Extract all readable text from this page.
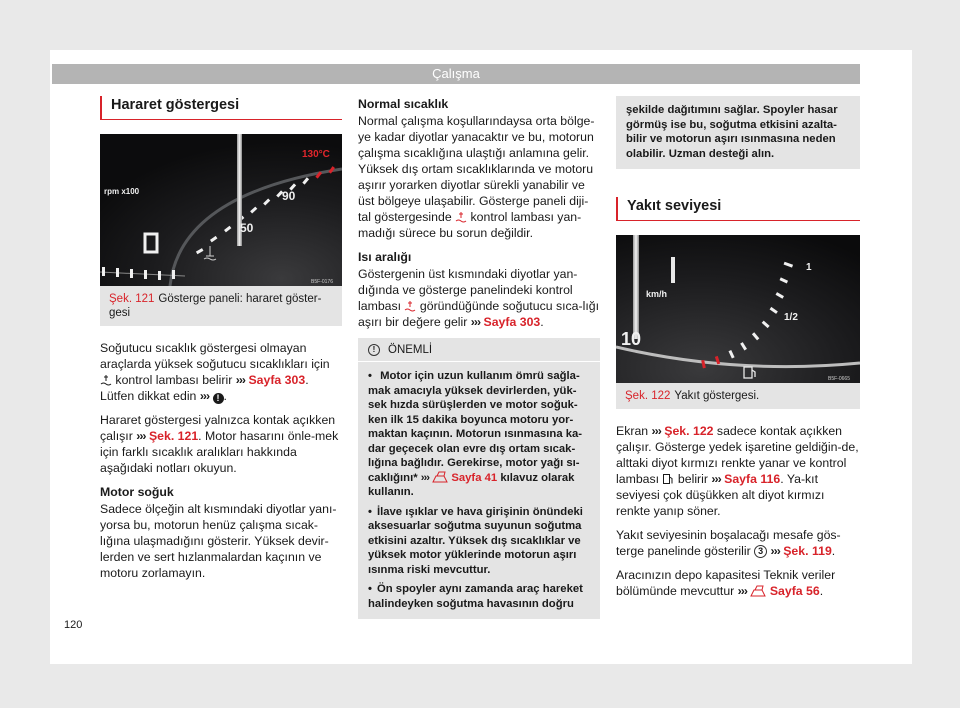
Çalışma
Hararet göstergesi
130°C
rpm x100	90
50
B5F-0176
Şek. 121 Gösterge paneli: hararet göster-gesi

Soğutucu sıcaklık göstergesi olmayan araçlarda yüksek soğutucu sıcaklıkları için
kontrol lambası belirir ››› Sayfa 303. Lütfen dikkat edin ››› ! .

Hararet göstergesi yalnızca kontak açıkken çalışır ››› Şek. 121. Motor hasarını önle-mek için farklı sıcaklık aralıkları hakkında aşağıdaki notları okuyun.

Motor soğuk

Sadece ölçeğin alt kısmındaki diyotlar yanı-yorsa bu, motorun henüz çalışma sıcak-lığına ulaşmadığını gösterir. Yüksek devir-lerden ve sert hızlanmalardan kaçının ve motoru zorlamayın.

Normal sıcaklık

Normal çalışma koşullarındaysa orta bölge-ye kadar diyotlar yanacaktır ve bu, motorun çalışma sıcaklığına ulaştığı anlamına gelir. Yüksek dış ortam sıcaklıklarında ve motoru aşırır yorarken diyotlar sürekli yanabilir ve üst bölgeye ulaşabilir. Gösterge paneli diji-tal göstergesinde kontrol lambası yan-madığı sürece bu sorun değildir.

Isı aralığı

Göstergenin üst kısmındaki diyotlar yan-dığında ve gösterge panelindeki kontrol lambası göründüğünde soğutucu sıca-lığı aşırı bir değere gelir ››› Sayfa 303.

!	ÖNEMLİ
• Motor için uzun kullanım ömrü sağla-mak amacıyla yüksek devirlerden, yük-sek hızda sürüşlerden ve motor soğuk-ken ilk 15 dakika boyunca motoru yor-maktan kaçının. Motorun ısınmasına ka-dar geçecek olan evre dış ortam sıcak-lığına bağlıdır. Gerekirse, motor yağı sı-caklığını* ››› Sayfa 41 kılavuz olarak kullanın.
• İlave ışıklar ve hava girişinin önündeki aksesuarlar soğutma suyunun soğutma etkisini azaltır. Yüksek dış sıcaklıklar ve yüksek motor yüklerinde motorun aşırı ısınma riski mevcuttur.
• Ön spoyler aynı zamanda araç hareket halindeyken soğutma havasının doğru
şekilde dağıtımını sağlar. Spoyler hasar görmüş ise bu, soğutma etkisini azalta-bilir ve motorun aşırı ısınmasına neden olabilir. Uzman desteği alın.
Yakıt seviyesi
km/h
1
1/2
10
B5F-0665
Şek. 122 Yakıt göstergesi.

Ekran ››› Şek. 122 sadece kontak açıkken çalışır. Gösterge yedek işaretine geldiğin-de, alttaki diyot kırmızı renkte yanar ve kontrol lambası belirir ››› Sayfa 116. Ya-kıt seviyesi çok düşükken alt diyot kırmızı renkte yanıp söner.

Yakıt seviyesinin boşalacağı mesafe gös-terge panelinde gösterilir 3 ››› Şek. 119.

Aracınızın depo kapasitesi Teknik veriler bölümünde mevcuttur ››› Sayfa 56.

120
